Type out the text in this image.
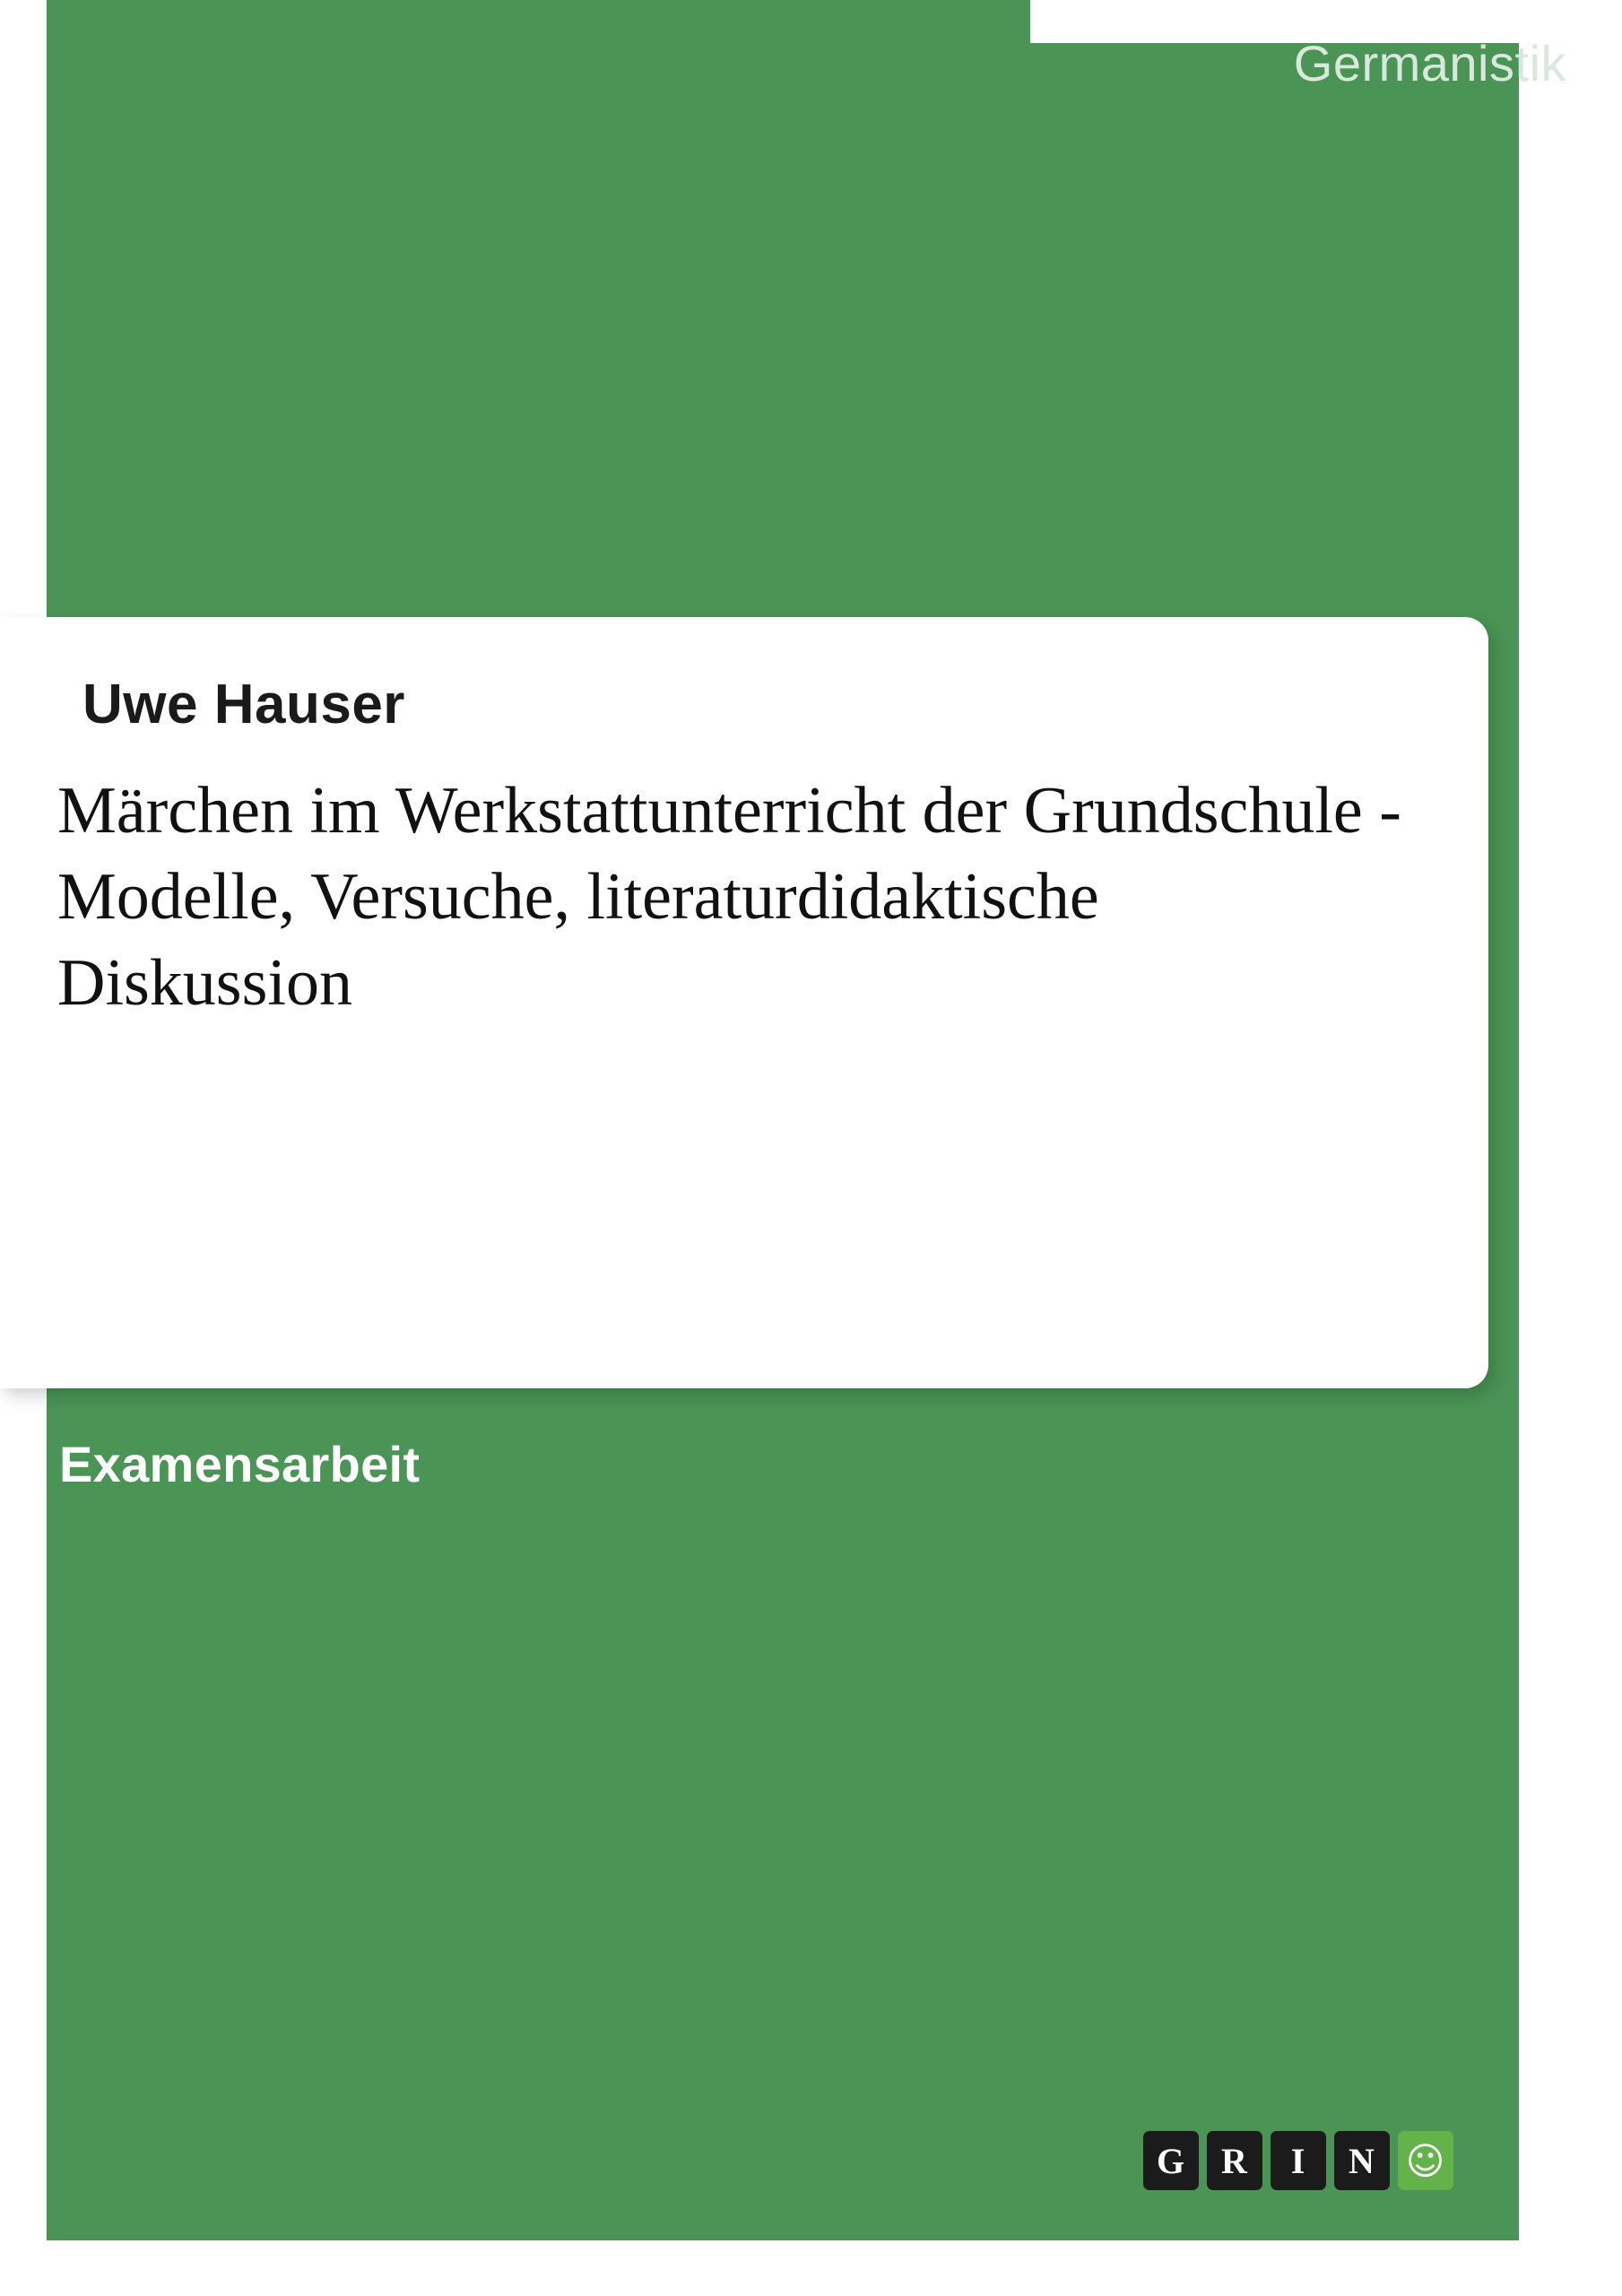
Germanistik
Uwe Hauser
Märchen im Werkstattunterricht der Grundschule - Modelle, Versuche, literaturdidaktische Diskussion
Examensarbeit
G R	I	N ☺
